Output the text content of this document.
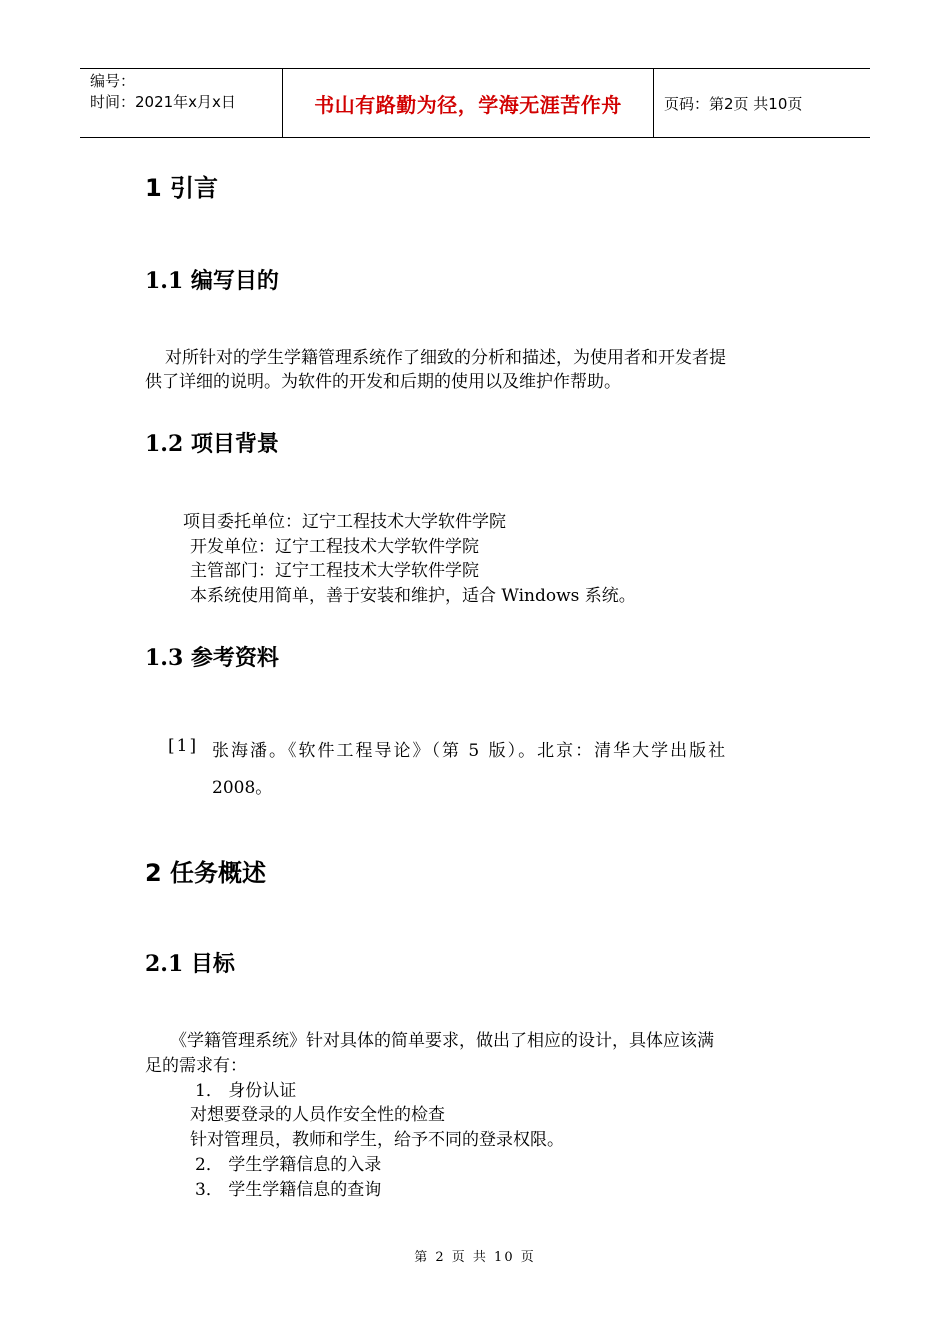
编号：
时间：2021年x月x日	书山有路勤为径，学海无涯苦作舟	页码：第2页 共10页
1 引言
1.1 编写目的
对所针对的学生学籍管理系统作了细致的分析和描述，为使用者和开发者提
供了详细的说明。为软件的开发和后期的使用以及维护作帮助。
1.2 项目背景
项目委托单位：辽宁工程技术大学软件学院
开发单位：辽宁工程技术大学软件学院
主管部门：辽宁工程技术大学软件学院
本系统使用简单，善于安装和维护，适合 Windows 系统。
1.3 参考资料
[1] 张海潘。《软件工程导论》（第 5 版）。北京：清华大学出版社
2008。
2 任务概述
2.1 目标
《学籍管理系统》针对具体的简单要求，做出了相应的设计，具体应该满
足的需求有：
1． 身份认证
对想要登录的人员作安全性的检查
针对管理员，教师和学生，给予不同的登录权限。
2． 学生学籍信息的入录
3． 学生学籍信息的查询
第 2 页 共 10 页
